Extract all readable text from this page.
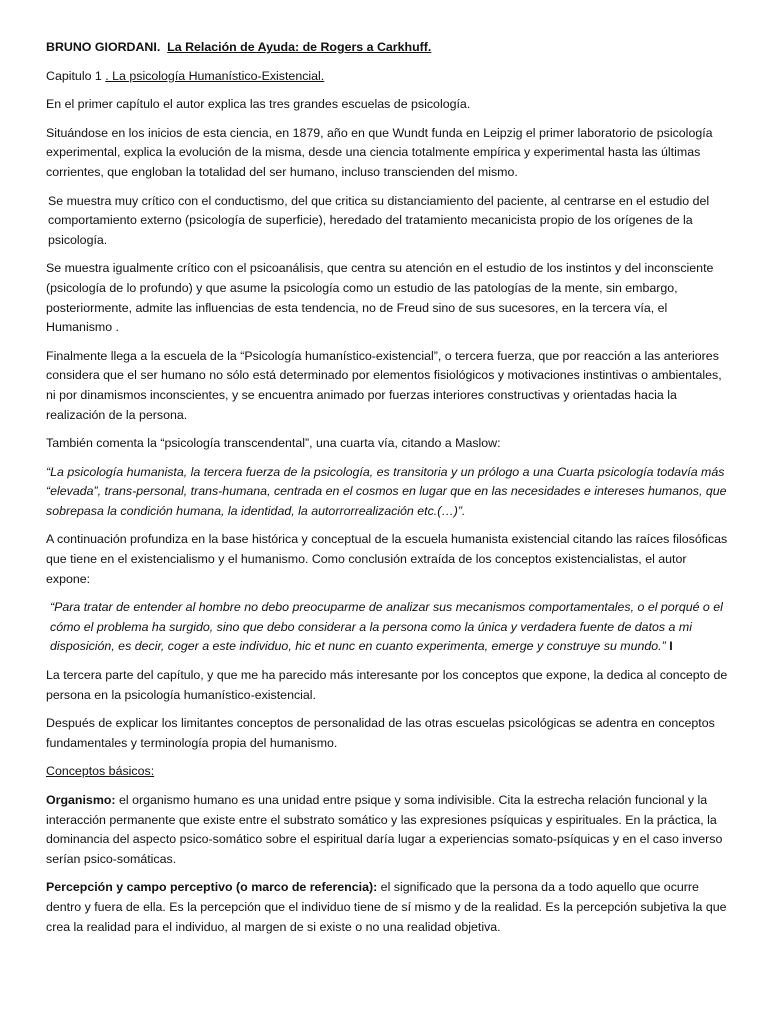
BRUNO GIORDANI. La Relación de Ayuda: de Rogers a Carkhuff.

Capitulo 1 . La psicología Humanístico-Existencial.

En el primer capítulo el autor explica las tres grandes escuelas de psicología.

Situándose en los inicios de esta ciencia, en 1879, año en que Wundt funda en Leipzig el primer laboratorio de psicología experimental, explica la evolución de la misma, desde una ciencia totalmente empírica y experimental hasta las últimas corrientes, que engloban la totalidad del ser humano, incluso transcienden del mismo.

Se muestra muy crítico con el conductismo, del que critica su distanciamiento del paciente, al centrarse en el estudio del comportamiento externo (psicología de superficie), heredado del tratamiento mecanicista propio de los orígenes de la psicología.

Se muestra igualmente crítico con el psicoanálisis, que centra su atención en el estudio de los instintos y del inconsciente (psicología de lo profundo) y que asume la psicología como un estudio de las patologías de la mente, sin embargo, posteriormente, admite las influencias de esta tendencia, no de Freud sino de sus sucesores, en la tercera vía, el Humanismo .

Finalmente llega a la escuela de la “Psicología humanístico-existencial”, o tercera fuerza, que por reacción a las anteriores considera que el ser humano no sólo está determinado por elementos fisiológicos y motivaciones instintivas o ambientales, ni por dinamismos inconscientes, y se encuentra animado por fuerzas interiores constructivas y orientadas hacia la realización de la persona.

También comenta la “psicología transcendental”, una cuarta vía, citando a Maslow:

“La psicología humanista, la tercera fuerza de la psicología, es transitoria y un prólogo a una Cuarta psicología todavía más “elevada”, trans-personal, trans-humana, centrada en el cosmos en lugar que en las necesidades e intereses humanos, que sobrepasa la condición humana, la identidad, la autorrorrealización etc.(…)”.

A continuación profundiza en la base histórica y conceptual de la escuela humanista existencial citando las raíces filosóficas que tiene en el existencialismo y el humanismo. Como conclusión extraída de los conceptos existencialistas, el autor expone:

“Para tratar de entender al hombre no debo preocuparme de analizar sus mecanismos comportamentales, o el porqué o el cómo el problema ha surgido, sino que debo considerar a la persona como la única y verdadera fuente de datos a mi disposición, es decir, coger a este individuo, hic et nunc en cuanto experimenta, emerge y construye su mundo.” I

La tercera parte del capítulo, y que me ha parecido más interesante por los conceptos que expone, la dedica al concepto de persona en la psicología humanístico-existencial.

Después de explicar los limitantes conceptos de personalidad de las otras escuelas psicológicas se adentra en conceptos fundamentales y terminología propia del humanismo.

Conceptos básicos:

Organismo: el organismo humano es una unidad entre psique y soma indivisible. Cita la estrecha relación funcional y la interacción permanente que existe entre el substrato somático y las expresiones psíquicas y espirituales. En la práctica, la dominancia del aspecto psico-somático sobre el espiritual daría lugar a experiencias somato-psíquicas y en el caso inverso serían psico-somáticas.

Percepción y campo perceptivo (o marco de referencia): el significado que la persona da a todo aquello que ocurre dentro y fuera de ella. Es la percepción que el individuo tiene de sí mismo y de la realidad. Es la percepción subjetiva la que crea la realidad para el individuo, al margen de si existe o no una realidad objetiva.
